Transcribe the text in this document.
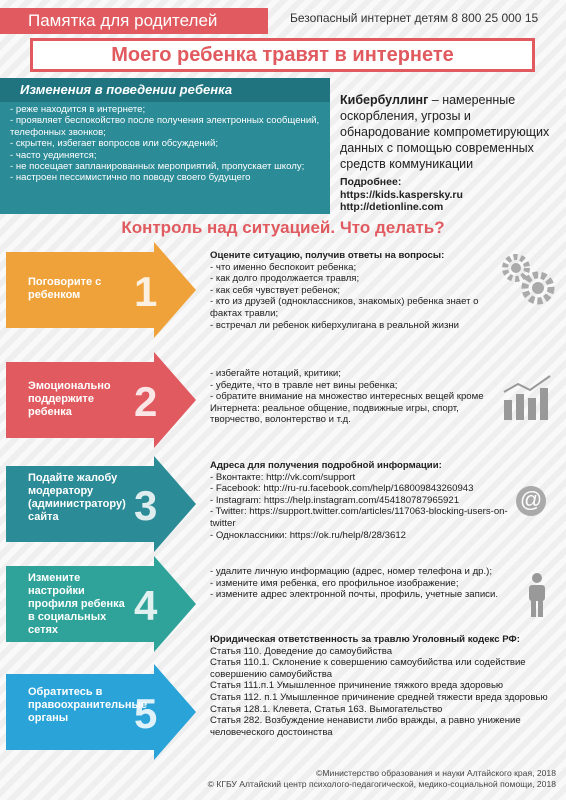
Памятка для родителей	Безопасный интернет детям 8 800 25 000 15
Моего ребенка травят в интернете
Изменения в поведении ребенка
- реже находится в интернете;
- проявляет беспокойство после получения электронных сообщений, телефонных звонков;
- скрытен, избегает вопросов или обсуждений;
- часто уединяется;
- не посещает запланированных мероприятий, пропускает школу;
- настроен пессимистично по поводу своего будущего
Кибербуллинг – намеренные оскорбления, угрозы и обнародование компрометирующих данных с помощью современных средств коммуникации
Подробнее:
https://kids.kaspersky.ru
http://detionline.com
Контроль над ситуацией. Что делать?
Поговорите с ребенком	1
Оцените ситуацию, получив ответы на вопросы:
- что именно беспокоит ребенка;
- как долго продолжается травля;
- как себя чувствует ребенок;
- кто из друзей (одноклассников, знакомых) ребенка знает о фактах травли;
- встречал ли ребенок киберхулигана в реальной жизни
Эмоционально поддержите ребенка	2
- избегайте нотаций, критики;
- убедите, что в травле нет вины ребенка;
- обратите внимание на множество интересных вещей кроме Интернета: реальное общение, подвижные игры, спорт, творчество, волонтерство и т.д.
Подайте жалобу модератору (администратору) сайта	3
Адреса для получения подробной информации:
- Вконтакте: http://vk.com/support
- Facebook: http://ru-ru.facebook.com/help/168009843260943
- Instagram: https://help.instagram.com/454180787965921
- Twitter: https://support.twitter.com/articles/117063-blocking-users-on-twitter
- Одноклассники: https://ok.ru/help/8/28/3612
@
Измените настройки профиля ребенка в социальных сетях
4
- удалите личную информацию (адрес, номер телефона и др.);
- измените имя ребенка, его профильное изображение;
- измените адрес электронной почты, профиль, учетные записи.
Обратитесь в правоохранительные органы	5
Юридическая ответственность за травлю Уголовный кодекс РФ:
Статья 110. Доведение до самоубийства
Статья 110.1. Склонение к совершению самоубийства или содействие совершению самоубийства
Статья 111.п.1 Умышленное причинение тяжкого вреда здоровью
Статья 112. п.1 Умышленное причинение средней тяжести вреда здоровью
Статья 128.1. Клевета, Статья 163. Вымогательство
Статья 282. Возбуждение ненависти либо вражды, а равно унижение человеческого достоинства
©Министерство образования и науки Алтайского края, 2018
© КГБУ Алтайский центр психолого-педагогической, медико-социальной помощи, 2018
